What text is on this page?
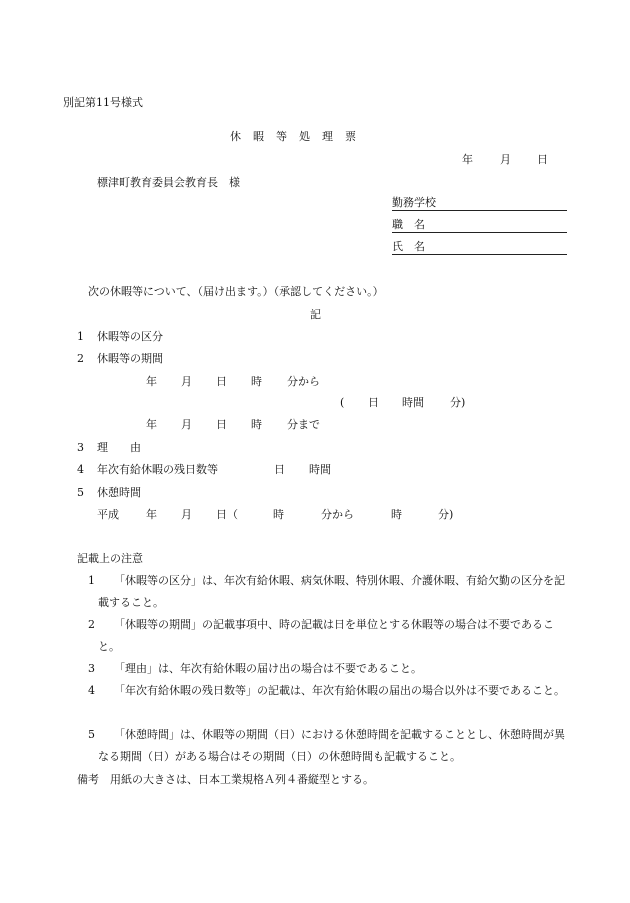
別記第11号様式
休　暇　等　処　理　票
年 月 日
標津町教育委員会教育長　様
勤務学校
職　名
氏　名
次の休暇等について、（届け出ます。）（承認してください。）
記
1 休暇等の区分
2 休暇等の期間
年 月 日 時 分から
( 日 時間 分)
年 月 日 時 分まで
3 理　　由
4 年次有給休暇の残日数等	日 時間
5 休憩時間
平成 年 月 日（	時	分から	時	分)
記載上の注意
1	「休暇等の区分」は、年次有給休暇、病気休暇、特別休暇、介護休暇、有給欠勤の区分を記載すること。
2	「休暇等の期間」の記載事項中、時の記載は日を単位とする休暇等の場合は不要であること。
3	「理由」は、年次有給休暇の届け出の場合は不要であること。
4	「年次有給休暇の残日数等」の記載は、年次有給休暇の届出の場合以外は不要であること。
5	「休憩時間」は、休暇等の期間（日）における休憩時間を記載することとし、休憩時間が異なる期間（日）がある場合はその期間（日）の休憩時間も記載すること。
備考　用紙の大きさは、日本工業規格Ａ列４番縦型とする。
